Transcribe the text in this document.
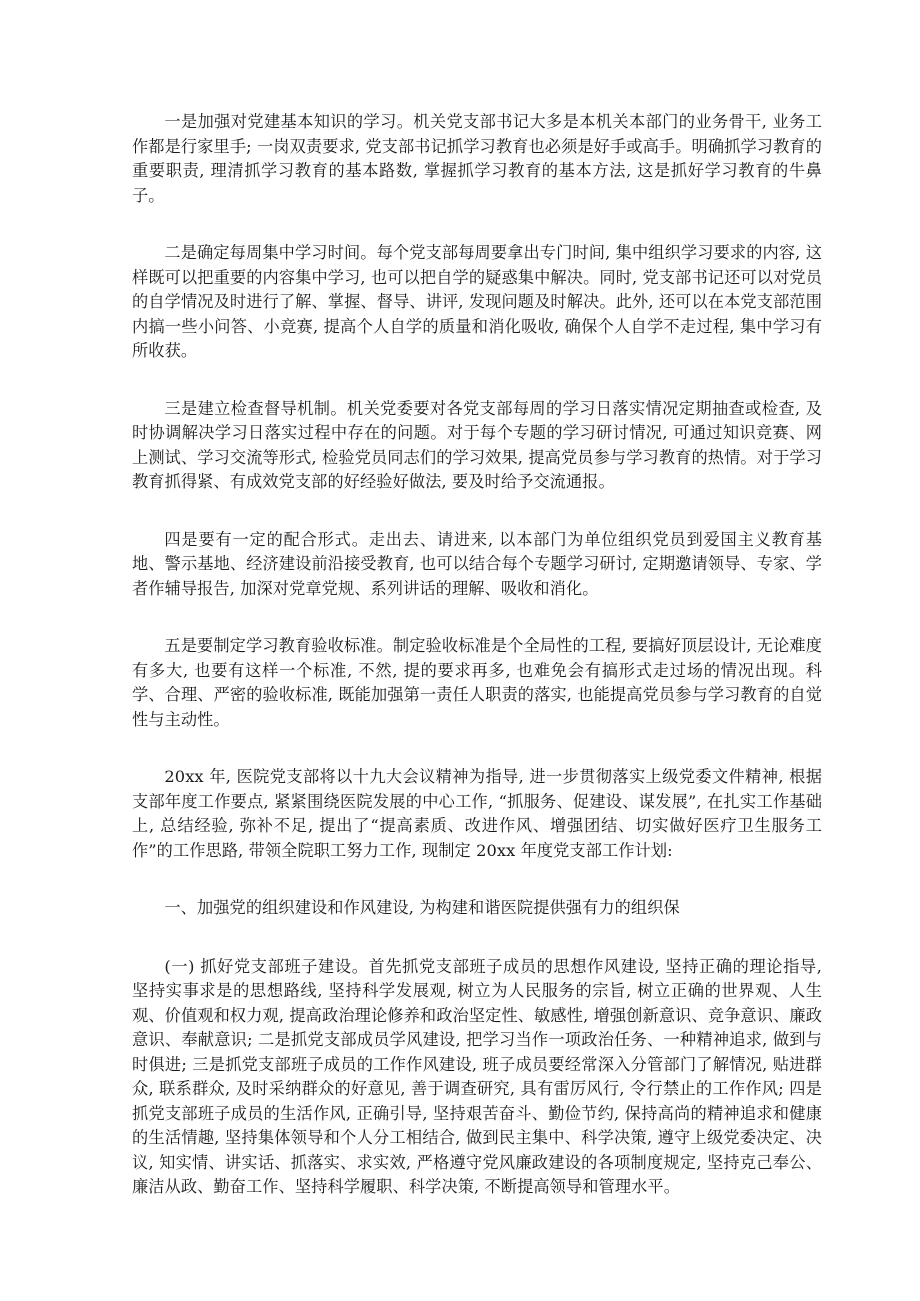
一是加强对党建基本知识的学习。机关党支部书记大多是本机关本部门的业务骨干, 业务工作都是行家里手; 一岗双责要求, 党支部书记抓学习教育也必须是好手或高手。明确抓学习教育的重要职责, 理清抓学习教育的基本路数, 掌握抓学习教育的基本方法, 这是抓好学习教育的牛鼻子。

二是确定每周集中学习时间。每个党支部每周要拿出专门时间, 集中组织学习要求的内容, 这样既可以把重要的内容集中学习, 也可以把自学的疑惑集中解决。同时, 党支部书记还可以对党员的自学情况及时进行了解、掌握、督导、讲评, 发现问题及时解决。此外, 还可以在本党支部范围内搞一些小问答、小竞赛, 提高个人自学的质量和消化吸收, 确保个人自学不走过程, 集中学习有所收获。

三是建立检查督导机制。机关党委要对各党支部每周的学习日落实情况定期抽查或检查, 及时协调解决学习日落实过程中存在的问题。对于每个专题的学习研讨情况, 可通过知识竞赛、网上测试、学习交流等形式, 检验党员同志们的学习效果, 提高党员参与学习教育的热情。对于学习教育抓得紧、有成效党支部的好经验好做法, 要及时给予交流通报。

四是要有一定的配合形式。走出去、请进来, 以本部门为单位组织党员到爱国主义教育基地、警示基地、经济建设前沿接受教育, 也可以结合每个专题学习研讨, 定期邀请领导、专家、学者作辅导报告, 加深对党章党规、系列讲话的理解、吸收和消化。

五是要制定学习教育验收标准。制定验收标准是个全局性的工程, 要搞好顶层设计, 无论难度有多大, 也要有这样一个标准, 不然, 提的要求再多, 也难免会有搞形式走过场的情况出现。科学、合理、严密的验收标准, 既能加强第一责任人职责的落实, 也能提高党员参与学习教育的自觉性与主动性。

20xx 年, 医院党支部将以十九大会议精神为指导, 进一步贯彻落实上级党委文件精神, 根据支部年度工作要点, 紧紧围绕医院发展的中心工作, “抓服务、促建设、谋发展”, 在扎实工作基础上, 总结经验, 弥补不足, 提出了“提高素质、改进作风、增强团结、切实做好医疗卫生服务工作”的工作思路, 带领全院职工努力工作, 现制定 20xx 年度党支部工作计划:

一、加强党的组织建设和作风建设, 为构建和谐医院提供强有力的组织保

(一) 抓好党支部班子建设。首先抓党支部班子成员的思想作风建设, 坚持正确的理论指导, 坚持实事求是的思想路线, 坚持科学发展观, 树立为人民服务的宗旨, 树立正确的世界观、人生观、价值观和权力观, 提高政治理论修养和政治坚定性、敏感性, 增强创新意识、竞争意识、廉政意识、奉献意识; 二是抓党支部成员学风建设, 把学习当作一项政治任务、一种精神追求, 做到与时俱进; 三是抓党支部班子成员的工作作风建设, 班子成员要经常深入分管部门了解情况, 贴进群众, 联系群众, 及时采纳群众的好意见, 善于调查研究, 具有雷厉风行, 令行禁止的工作作风; 四是抓党支部班子成员的生活作风, 正确引导, 坚持艰苦奋斗、勤俭节约, 保持高尚的精神追求和健康的生活情趣, 坚持集体领导和个人分工相结合, 做到民主集中、科学决策, 遵守上级党委决定、决议, 知实情、讲实话、抓落实、求实效, 严格遵守党风廉政建设的各项制度规定, 坚持克己奉公、廉洁从政、勤奋工作、坚持科学履职、科学决策, 不断提高领导和管理水平。
